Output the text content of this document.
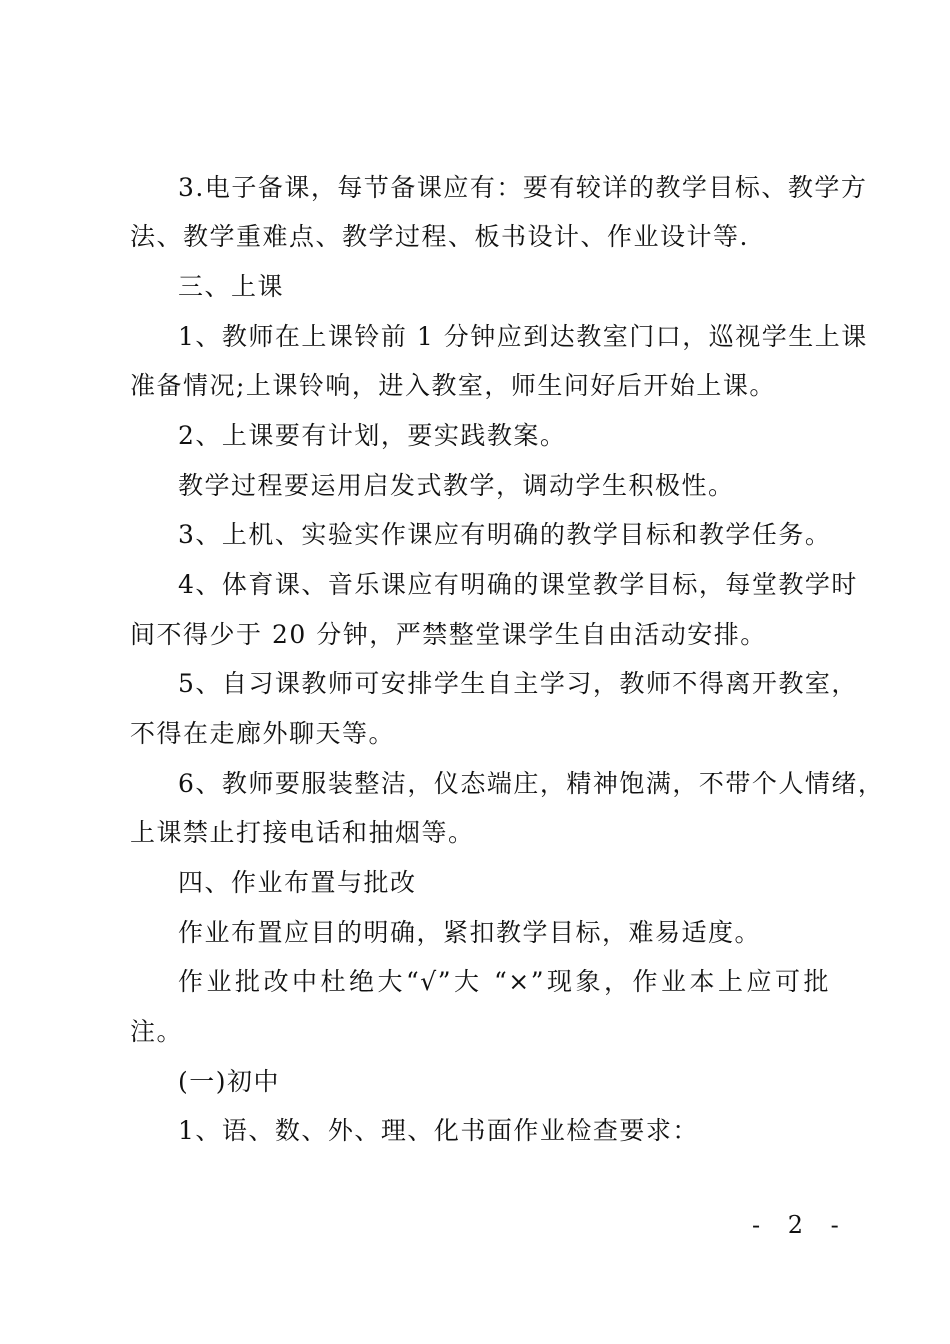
3.电子备课，每节备课应有：要有较详的教学目标、教学方
法、教学重难点、教学过程、板书设计、作业设计等.
三、上课
1、教师在上课铃前 1 分钟应到达教室门口，巡视学生上课
准备情况;上课铃响，进入教室，师生问好后开始上课。
2、上课要有计划，要实践教案。
教学过程要运用启发式教学，调动学生积极性。
3、上机、实验实作课应有明确的教学目标和教学任务。
4、体育课、音乐课应有明确的课堂教学目标，每堂教学时
间不得少于 20 分钟，严禁整堂课学生自由活动安排。
5、自习课教师可安排学生自主学习，教师不得离开教室，
不得在走廊外聊天等。
6、教师要服装整洁，仪态端庄，精神饱满，不带个人情绪，
上课禁止打接电话和抽烟等。
四、作业布置与批改
作业布置应目的明确，紧扣教学目标，难易适度。
作业批改中杜绝大“√”大 “×”现象，作业本上应可批
注。
(一)初中
1、语、数、外、理、化书面作业检查要求：
- 2 -
